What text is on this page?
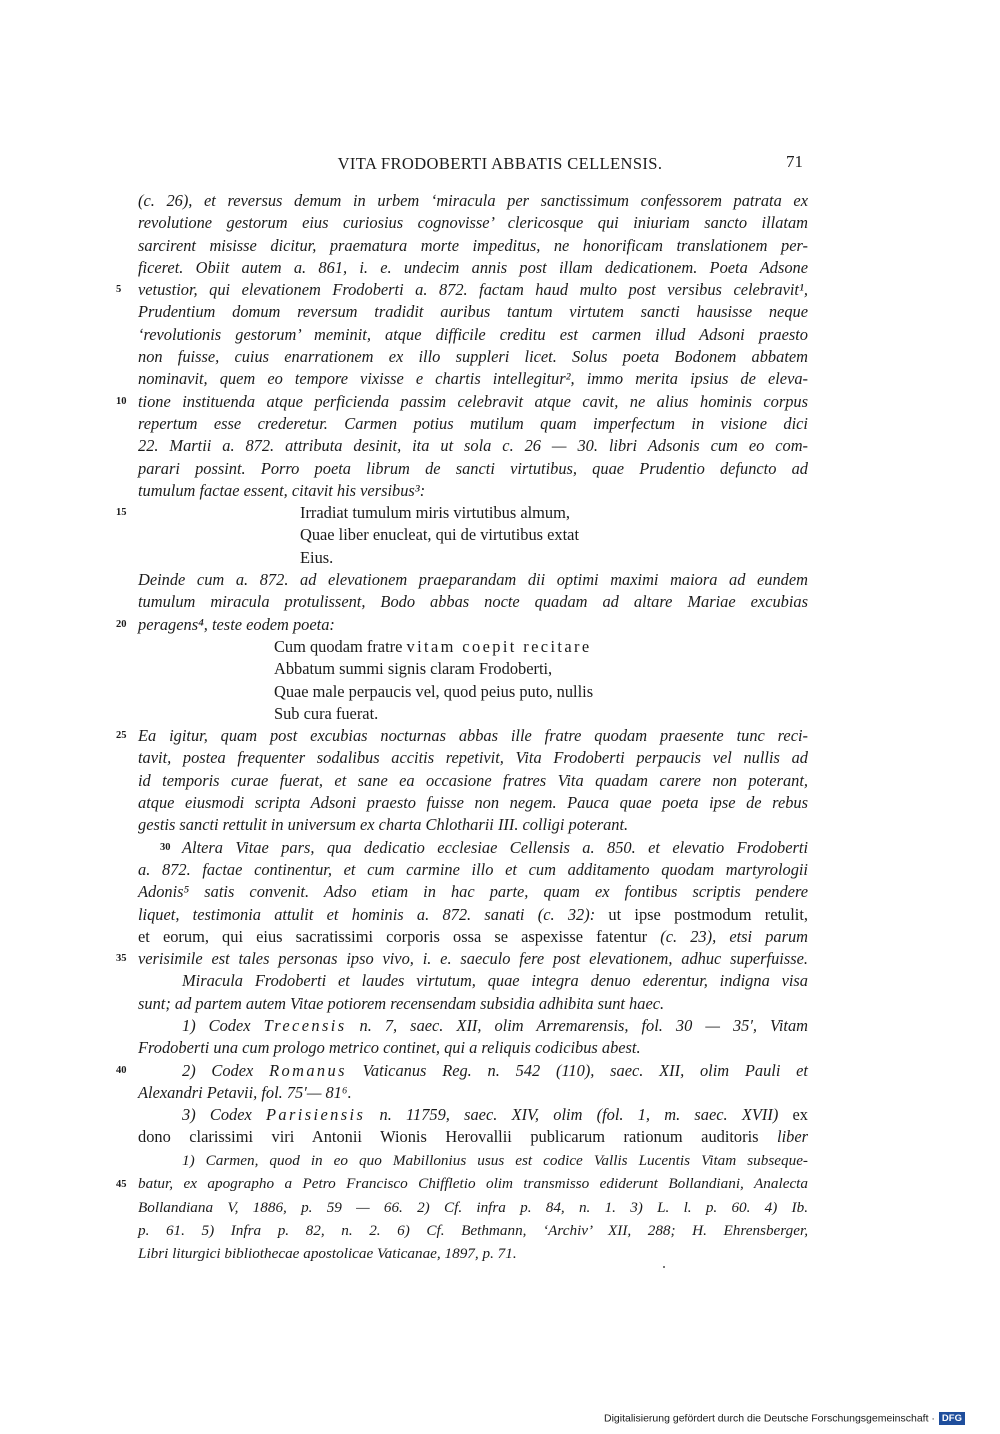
VITA FRODOBERTI ABBATIS CELLENSIS.	71
(c. 26), et reversus demum in urbem ‘miracula per sanctissimum confessorem patrata ex
revolutione gestorum eius curiosius cognovisse’ clericosque qui iniuriam sancto illatam
sarcirent misisse dicitur, praematura morte impeditus, ne honorificam translationem per-
ficeret. Obiit autem a. 861, i. e. undecim annis post illam dedicationem. Poeta Adsone
5 vetustior, qui elevationem Frodoberti a. 872. factam haud multo post versibus celebravit¹,
Prudentium domum reversum tradidit auribus tantum virtutem sancti hausisse neque
‘revolutionis gestorum’ meminit, atque difficile creditu est carmen illud Adsoni praesto
non fuisse, cuius enarrationem ex illo suppleri licet. Solus poeta Bodonem abbatem
nominavit, quem eo tempore vixisse e chartis intellegitur², immo merita ipsius de eleva-
10 tione instituenda atque perficienda passim celebravit atque cavit, ne alius hominis corpus
repertum esse crederetur. Carmen potius mutilum quam imperfectum in visione dici
22. Martii a. 872. attributa desinit, ita ut sola c. 26 — 30. libri Adsonis cum eo com-
parari possint. Porro poeta librum de sancti virtutibus, quae Prudentio defuncto ad
tumulum factae essent, citavit his versibus³:
15	Irradiat tumulum miris virtutibus almum,
Quae liber enucleat, qui de virtutibus extat
Eius.
Deinde cum a. 872. ad elevationem praeparandam dii optimi maximi maiora ad eundem
tumulum miracula protulissent, Bodo abbas nocte quadam ad altare Mariae excubias
20 peragens⁴, teste eodem poeta:
Cum quodam fratre vitam coepit recitare
Abbatum summi signis claram Frodoberti,
Quae male perpaucis vel, quod peius puto, nullis
Sub cura fuerat.
25 Ea igitur, quam post excubias nocturnas abbas ille fratre quodam praesente tunc reci-
tavit, postea frequenter sodalibus accitis repetivit, Vita Frodoberti perpaucis vel nullis ad
id temporis curae fuerat, et sane ea occasione fratres Vita quadam carere non poterant,
atque eiusmodi scripta Adsoni praesto fuisse non negem. Pauca quae poeta ipse de rebus
gestis sancti rettulit in universum ex charta Chlotharii III. colligi poterant.
30 Altera Vitae pars, qua dedicatio ecclesiae Cellensis a. 850. et elevatio Frodoberti
a. 872. factae continentur, et cum carmine illo et cum additamento quodam martyrologii
Adonis⁵ satis convenit. Adso etiam in hac parte, quam ex fontibus scriptis pendere
liquet, testimonia attulit et hominis a. 872. sanati (c. 32): ut ipse postmodum retulit,
et eorum, qui eius sacratissimi corporis ossa se aspexisse fatentur (c. 23), etsi parum
35 verisimile est tales personas ipso vivo, i. e. saeculo fere post elevationem, adhuc superfuisse.
Miracula Frodoberti et laudes virtutum, quae integra denuo ederentur, indigna visa
sunt; ad partem autem Vitae potiorem recensendam subsidia adhibita sunt haec.
1) Codex Trecensis n. 7, saec. XII, olim Arremarensis, fol. 30 — 35′, Vitam
Frodoberti una cum prologo metrico continet, qui a reliquis codicibus abest.
40	2) Codex Romanus Vaticanus Reg. n. 542 (110), saec. XII, olim Pauli et
Alexandri Petavii, fol. 75′— 81⁶.
3) Codex Parisiensis n. 11759, saec. XIV, olim (fol. 1, m. saec. XVII) ex
dono clarissimi viri Antonii Wionis Herovallii publicarum rationum auditoris liber
1) Carmen, quod in eo quo Mabillonius usus est codice Vallis Lucentis Vitam subseque-
45 batur, ex apographo a Petro Francisco Chiffletio olim transmisso ediderunt Bollandiani, Analecta
Bollandiana V, 1886, p. 59 — 66. 2) Cf. infra p. 84, n. 1. 3) L. l. p. 60. 4) Ib.
p. 61. 5) Infra p. 82, n. 2. 6) Cf. Bethmann, ‘Archiv’ XII, 288; H. Ehrensberger,
Libri liturgici bibliothecae apostolicae Vaticanae, 1897, p. 71.
Digitalisierung gefördert durch die Deutsche Forschungsgemeinschaft · DFG
